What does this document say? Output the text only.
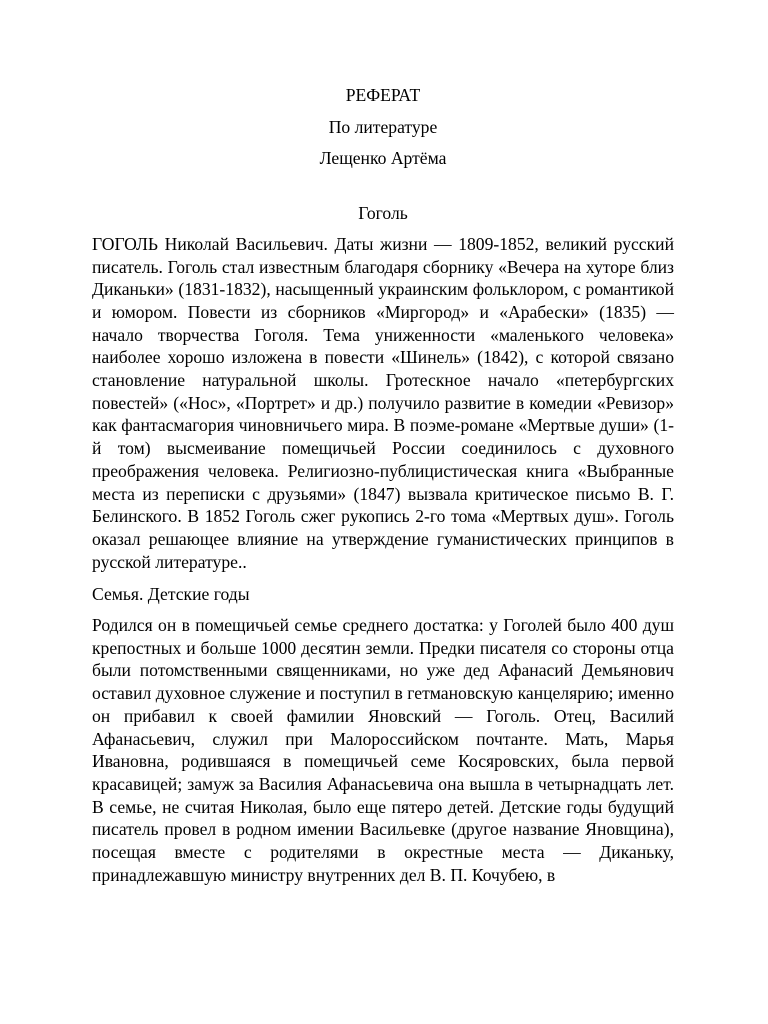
РЕФЕРАТ

По литературе

Лещенко Артёма

Гоголь

ГОГОЛЬ Николай Васильевич. Даты жизни — 1809-1852, великий русский писатель. Гоголь стал известным благодаря сборнику «Вечера на хуторе близ Диканьки» (1831-1832), насыщенный украинским фольклором, с романтикой и юмором. Повести из сборников «Миргород» и «Арабески» (1835) — начало творчества Гоголя. Тема униженности «маленького человека» наиболее хорошо изложена в повести «Шинель» (1842), с которой связано становление натуральной школы. Гротескное начало «петербургских повестей» («Нос», «Портрет» и др.) получило развитие в комедии «Ревизор» как фантасмагория чиновничьего мира. В поэме-романе «Мертвые души» (1-й том) высмеивание помещичьей России соединилось с духовного преображения человека. Религиозно-публицистическая книга «Выбранные места из переписки с друзьями» (1847) вызвала критическое письмо В. Г. Белинского. В 1852 Гоголь сжег рукопись 2-го тома «Мертвых душ». Гоголь оказал решающее влияние на утверждение гуманистических принципов в русской литературе..

Семья. Детские годы

Родился он в помещичьей семье среднего достатка: у Гоголей было 400 душ крепостных и больше 1000 десятин земли. Предки писателя со стороны отца были потомственными священниками, но уже дед Афанасий Демьянович оставил духовное служение и поступил в гетмановскую канцелярию; именно он прибавил к своей фамилии Яновский — Гоголь. Отец, Василий Афанасьевич, служил при Малороссийском почтанте. Мать, Марья Ивановна, родившаяся в помещичьей семе Косяровских, была первой красавицей; замуж за Василия Афанасьевича она вышла в четырнадцать лет. В семье, не считая Николая, было еще пятеро детей. Детские годы будущий писатель провел в родном имении Васильевке (другое название Яновщина), посещая вместе с родителями в окрестные места — Диканьку, принадлежавшую министру внутренних дел В. П. Кочубею, в
